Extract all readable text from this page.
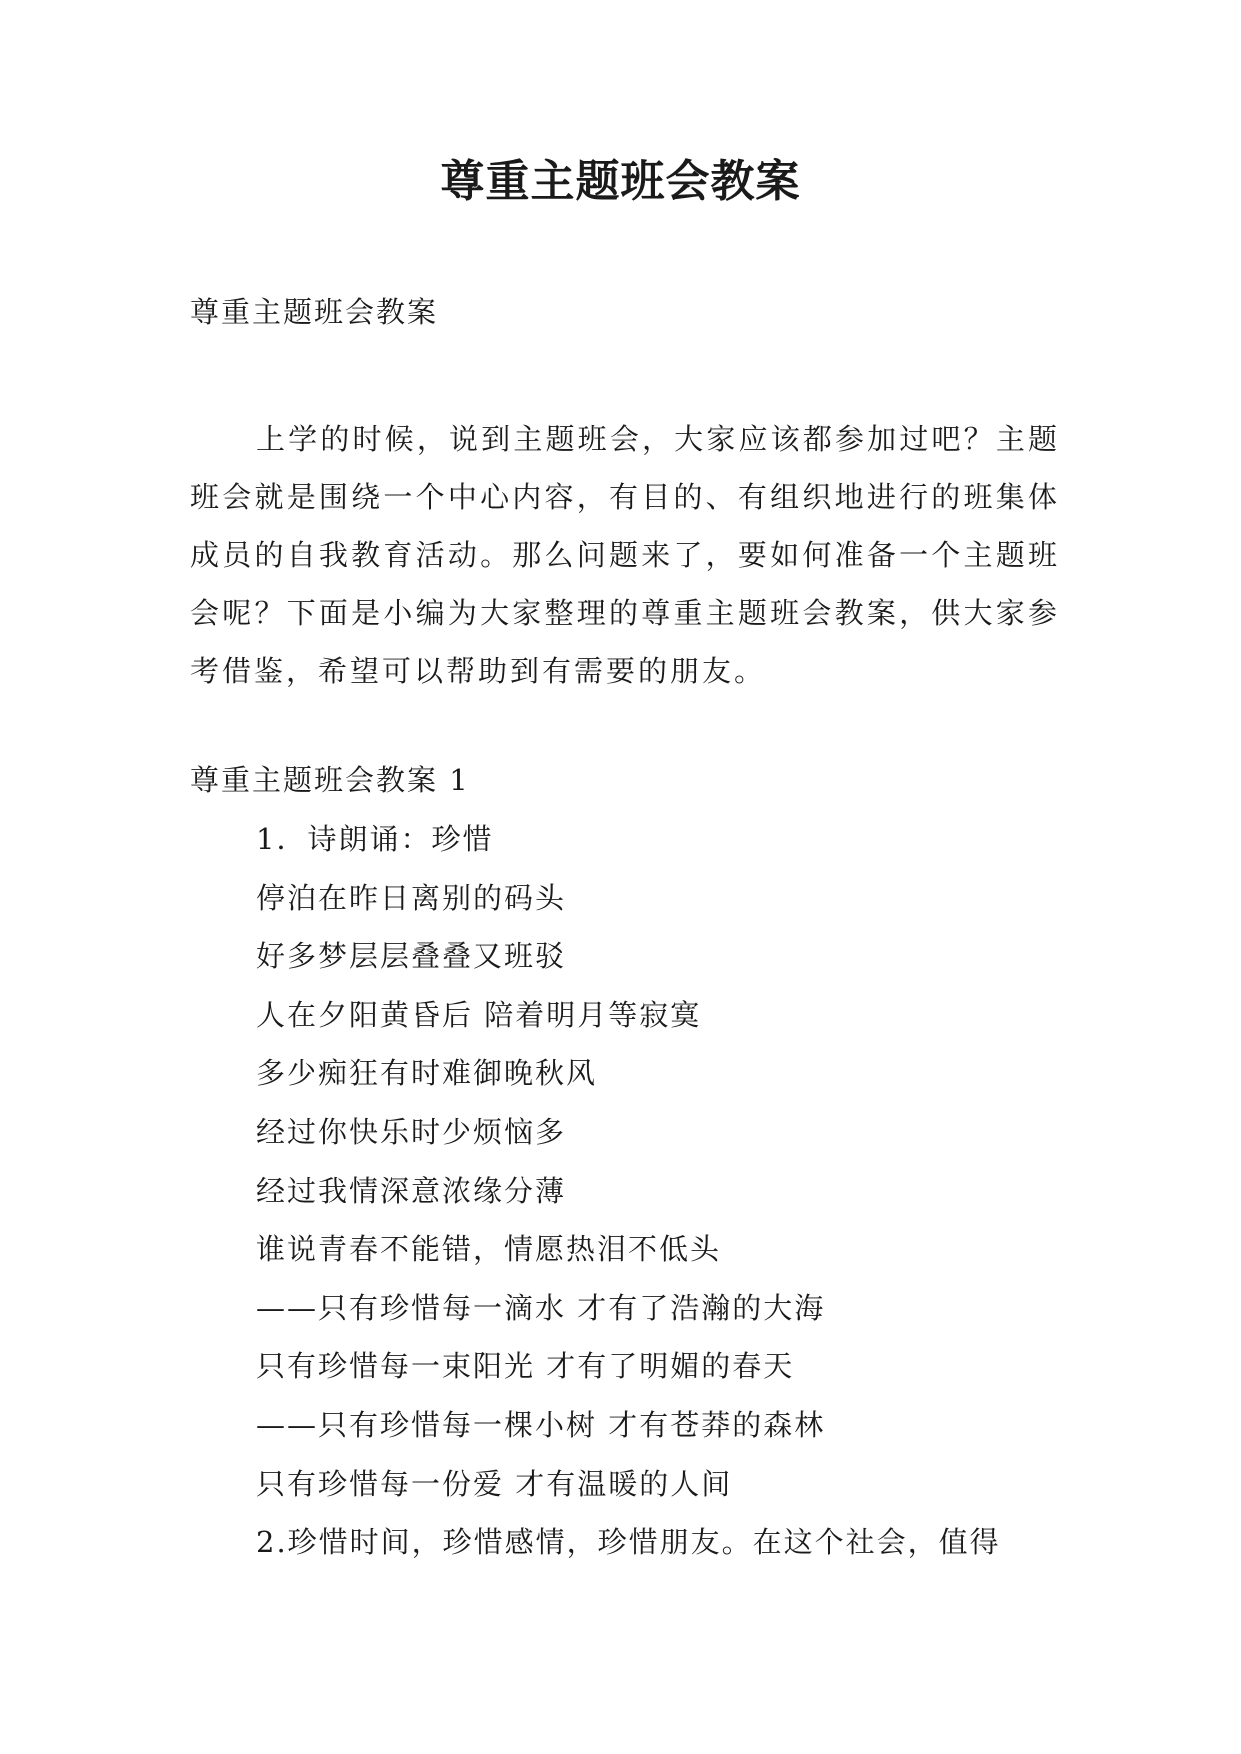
尊重主题班会教案

尊重主题班会教案

上学的时候，说到主题班会，大家应该都参加过吧？主题班会就是围绕一个中心内容，有目的、有组织地进行的班集体成员的自我教育活动。那么问题来了，要如何准备一个主题班会呢？下面是小编为大家整理的尊重主题班会教案，供大家参考借鉴，希望可以帮助到有需要的朋友。

尊重主题班会教案 1

1．诗朗诵：珍惜
停泊在昨日离别的码头
好多梦层层叠叠又班驳
人在夕阳黄昏后 陪着明月等寂寞
多少痴狂有时难御晚秋风
经过你快乐时少烦恼多
经过我情深意浓缘分薄
谁说青春不能错，情愿热泪不低头
——只有珍惜每一滴水 才有了浩瀚的大海
只有珍惜每一束阳光 才有了明媚的春天
——只有珍惜每一棵小树 才有苍莽的森林
只有珍惜每一份爱 才有温暖的人间
2.珍惜时间，珍惜感情，珍惜朋友。在这个社会，值得
